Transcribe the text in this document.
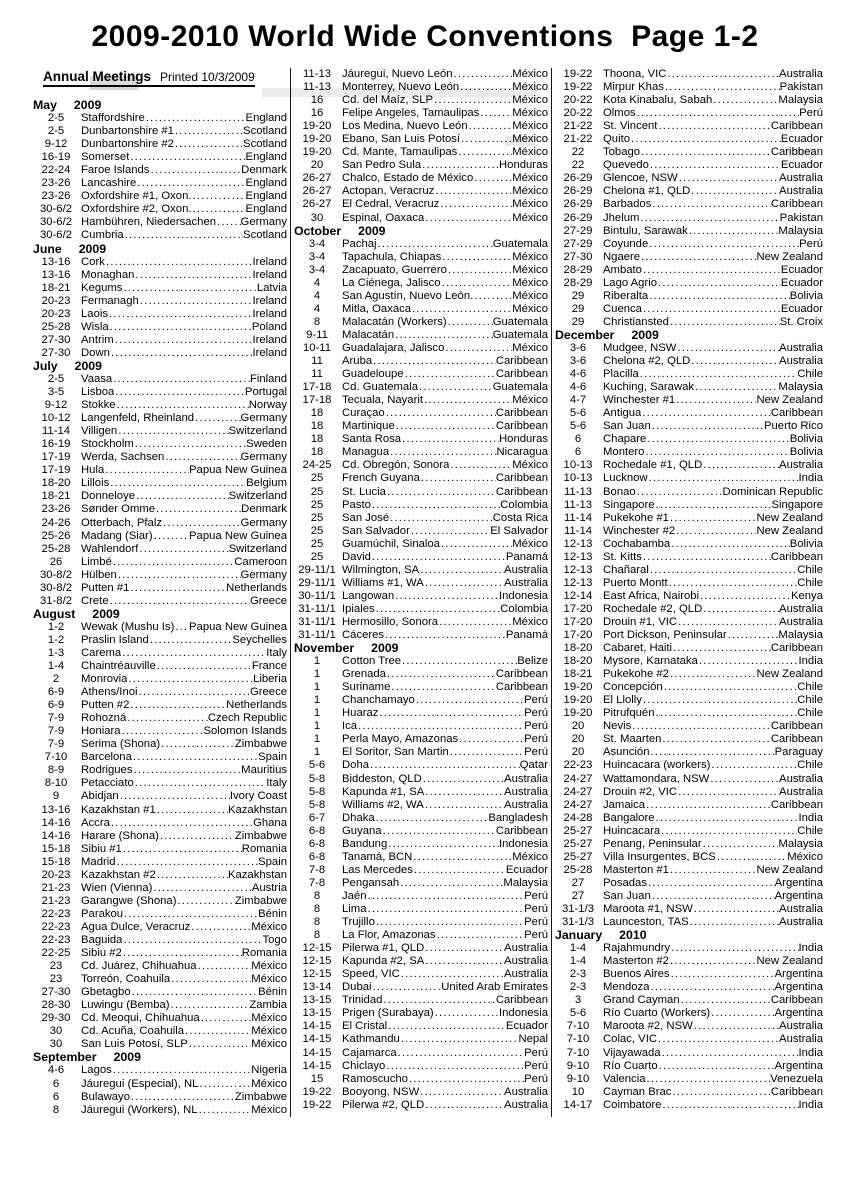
2009-2010 World Wide Conventions  Page 1-2
Annual Meetings Printed 10/3/2009
May 2009
2-5	Staffordshire .....	England
2-5	Dunbartonshire #1 .....	Scotland
9-12	Dunbartonshire #2 .....	Scotland
16-19 Somerset .....	England
22-24 Faroe Islands .....	Denmark
23-26 Lancashire .....	England
23-26 Oxfordshire #1, Oxon. .....	England
30-6/2 Oxfordshire #2, Oxon. .....	England
30-6/2 Hambühren, Niedersachen ..... Germany
30-6/2 Cumbria .....	Scotland
June 2009
13-16 Cork .....	Ireland
13-16 Monaghan .....	Ireland
18-21 Kegums .....	Latvia
20-23 Fermanagh .....	Ireland
20-23 Laois .....	Ireland
25-28 Wisla .....	Poland
27-30 Antrim .....	Ireland
27-30 Down .....	Ireland
July 2009
2-5	Vaasa .....	Finland
3-5	Lisboa .....	Portugal
9-12	Stokke .....	Norway
10-12 Langenfeld, Rheinland .....	Germany
11-14 Villigen .....	Switzerland
16-19 Stockholm .....	Sweden
17-19 Werda, Sachsen .....	Germany
17-19 Hula .....	Papua New Guinea
18-20 Lillois .....	Belgium
18-21 Donneloye .....	Switzerland
23-26 Sønder Omme .....	Denmark
24-26 Otterbach, Pfalz .....	Germany
25-26 Madang (Siar) .....	Papua New Guinea
25-28 Wahlendorf .....	Switzerland
26	Limbé .....	Cameroon
30-8/2 Hülben .....	Germany
30-8/2 Putten #1 .....	Netherlands
31-8/2 Crete .....	Greece
August 2009
1-2	Wewak (Mushu Is) ..... Papua New Guinea
1-2	Praslin Island .....	Seychelles
1-3	Carema .....	Italy
1-4	Chaintréauville .....	France
2	Monrovia .....	Liberia
6-9	Athens/Inoi .....	Greece
6-9	Putten #2 .....	Netherlands
7-9	Rohozná .....	Czech Republic
7-9	Honiara .....	Solomon Islands
7-9	Serima (Shona) .....	Zimbabwe
7-10	Barcelona .....	Spain
8-9	Rodrigues .....	Mauritius
8-10	Petacciato .....	Italy
9	Abidjan .....	Ivory Coast
13-16 Kazakhstan #1 .....	Kazakhstan
14-16 Accra .....	Ghana
14-16 Harare (Shona) .....	Zimbabwe
15-18 Sibiu #1 .....	Romania
15-18 Madrid .....	Spain
20-23 Kazakhstan #2 .....	Kazakhstan
21-23 Wien (Vienna) .....	Austria
21-23 Garangwe (Shona) .....	Zimbabwe
22-23 Parakou .....	Bénin
22-23 Agua Dulce, Veracruz .....	México
22-23 Baguida .....	Togo
22-25 Sibiu #2 .....	Romania
23	Cd. Juárez, Chihuahua .....	México
23	Torreón, Coahuila .....	México
27-30 Gbetagbo .....	Bénin
28-30 Luwingu (Bemba) .....	Zambia
29-30 Cd. Meoqui, Chihuahua .....	México
30	Cd. Acuña, Coahuila .....	México
30	San Luis Potosí, SLP .....	México
September 2009
4-6	Lagos .....	Nigeria
6	Jáuregui (Especial), NL .....	México
6	Bulawayo .....	Zimbabwe
8	Jáuregui (Workers), NL .....	México
11-13 Jáuregui, Nuevo León .....	México
11-13 Monterrey, Nuevo León .....	México
16	Cd. del Maíz, SLP .....	México
16	Felipe Angeles, Tamaulipas .....	México
19-20 Los Medina, Nuevo León .....	México
19-20 Ebano, San Luis Potosí .....	México
19-20 Cd. Mante, Tamaulipas .....	México
20	San Pedro Sula .....	Honduras
26-27 Chalco, Estado de México .....	México
26-27 Actopan, Veracruz .....	México
26-27 El Cedral, Veracruz .....	México
30	Espinal, Oaxaca .....	México
October 2009
3-4	Pachaj .....	Guatemala
3-4	Tapachula, Chiapas .....	México
3-4	Zacapuato, Guerrero .....	México
4	La Ciénega, Jalisco .....	México
4	San Agustín, Nuevo León. .....	México
4	Mitla, Oaxaca .....	México
8	Malacatán (Workers) .....	Guatemala
9-11	Malacatán .....	Guatemala
10-11 Guadalajara, Jalisco .....	México
11	Aruba .....	Caribbean
11	Guadeloupe .....	Caribbean
17-18 Cd. Guatemala .....	Guatemala
17-18 Tecuala, Nayarit .....	México
18	Curaçao .....	Caribbean
18	Martinique .....	Caribbean
18	Santa Rosa .....	Honduras
18	Managua .....	Nicaragua
24-25 Cd. Obregón, Sonora .....	México
25	French Guyana .....	Caribbean
25	St. Lucia .....	Caribbean
25	Pasto .....	Colombia
25	San José .....	Costa Rica
25	San Salvador .....	El Salvador
25	Guamúchil, Sinaloa .....	México
25	David .....	Panamá
29-11/1 Wilmington, SA .....	Australia
29-11/1 Williams #1, WA .....	Australia
30-11/1 Langowan .....	Indonesia
31-11/1 Ipiales .....	Colombia
31-11/1 Hermosillo, Sonora .....	México
31-11/1 Cáceres .....	Panamá
November 2009
1	Cotton Tree .....	Belize
1	Grenada .....	Caribbean
1	Suriname .....	Caribbean
1	Chanchamayo .....	Perú
1	Huaraz .....	Perú
1	Ica .....	Perú
1	Perla Mayo, Amazonas .....	Perú
1	El Soritor, San Martin .....	Perú
5-6	Doha .....	Qatar
5-8	Biddeston, QLD .....	Australia
5-8	Kapunda #1, SA .....	Australia
5-8	Williams #2, WA .....	Australia
6-7	Dhaka .....	Bangladesh
6-8	Guyana .....	Caribbean
6-8	Bandung .....	Indonesia
6-8	Tanamá, BCN .....	México
7-8	Las Mercedes .....	Ecuador
7-8	Pengansah .....	Malaysia
8	Jaén .....	Perú
8	Lima .....	Perú
8	Trujillo .....	Perú
8	La Flor, Amazonas .....	Perú
12-15 Pilerwa #1, QLD .....	Australia
12-15 Kapunda #2, SA .....	Australia
12-15 Speed, VIC .....	Australia
13-14 Dubai .....	United Arab Emirates
13-15 Trinidad .....	Caribbean
13-15 Prigen (Surabaya) .....	Indonesia
14-15 El Cristal .....	Ecuador
14-15 Kathmandu .....	Nepal
14-15 Cajamarca .....	Perú
14-15 Chiclayo .....	Perú
15	Ramoscucho .....	Perú
19-22 Booyong, NSW .....	Australia
19-22 Pilerwa #2, QLD .....	Australia
19-22 Thoona, VIC .....	Australia
19-22 Mirpur Khas .....	Pakistan
20-22 Kota Kinabalu, Sabah .....	Malaysia
20-22 Olmos .....	Perú
21-22 St. Vincent .....	Caribbean
21-22 Quito .....	Ecuador
22	Tobago .....	Caribbean
22	Quevedo .....	Ecuador
26-29 Glencoe, NSW .....	Australia
26-29 Chelona #1, QLD .....	Australia
26-29 Barbados .....	Caribbean
26-29 Jhelum .....	Pakistan
27-29 Bintulu, Sarawak .....	Malaysia
27-29 Coyunde .....	Perú
27-30 Ngaere .....	New Zealand
28-29 Ambato .....	Ecuador
28-29 Lago Agrio .....	Ecuador
29	Riberalta .....	Bolivia
29	Cuenca .....	Ecuador
29	Christiansted .....	St. Croix
December 2009
3-6	Mudgee, NSW .....	Australia
3-6	Chelona #2, QLD .....	Australia
4-6	Placilla .....	Chile
4-6	Kuching, Sarawak .....	Malaysia
4-7	Winchester #1 .....	New Zealand
5-6	Antigua .....	Caribbean
5-6	San Juan .....	Puerto Rico
6	Chapare .....	Bolivia
6	Montero .....	Bolivia
10-13 Rochedale #1, QLD .....	Australia
10-13 Lucknow .....	India
11-13 Bonao .....	Dominican Republic
11-13 Singapore .....	Singapore
11-14 Pukekohe #1 .....	New Zealand
11-14 Winchester #2 .....	New Zealand
12-13 Cochabamba .....	Bolivia
12-13 St. Kitts .....	Caribbean
12-13 Chañaral .....	Chile
12-13 Puerto Montt .....	Chile
12-14 East Africa, Nairobi .....	Kenya
17-20 Rochedale #2, QLD .....	Australia
17-20 Drouin #1, VIC .....	Australia
17-20 Port Dickson, Peninsular .....	Malaysia
18-20 Cabaret, Haiti .....	Caribbean
18-20 Mysore, Karnataka .....	India
18-21 Pukekohe #2 .....	New Zealand
19-20 Concepción .....	Chile
19-20 El Llolly .....	Chile
19-20 Pitrufquén .....	Chile
20	Nevis .....	Caribbean
20	St. Maarten .....	Caribbean
20	Asunción .....	Paraguay
22-23 Huincacara (workers) .....	Chile
24-27 Wattamondara, NSW .....	Australia
24-27 Drouin #2, VIC .....	Australia
24-27 Jamaica .....	Caribbean
24-28 Bangalore .....	India
25-27 Huincacara .....	Chile
25-27 Penang, Peninsular .....	Malaysia
25-27 Villa Insurgentes, BCS .....	México
25-28 Masterton #1 .....	New Zealand
27	Posadas .....	Argentina
27	San Juan .....	Argentina
31-1/3 Maroota #1, NSW .....	Australia
31-1/3 Launceston, TAS .....	Australia
January 2010
1-4	Rajahmundry .....	India
1-4	Masterton #2 .....	New Zealand
2-3	Buenos Aires .....	Argentina
2-3	Mendoza .....	Argentina
3	Grand Cayman .....	Caribbean
5-6	Río Cuarto (Workers) .....	Argentina
7-10	Maroota #2, NSW .....	Australia
7-10	Colac, VIC .....	Australia
7-10	Vijayawada .....	India
9-10	Río Cuarto .....	Argentina
9-10	Valencia .....	Venezuela
10	Cayman Brac .....	Caribbean
14-17 Coimbatore .....	India
